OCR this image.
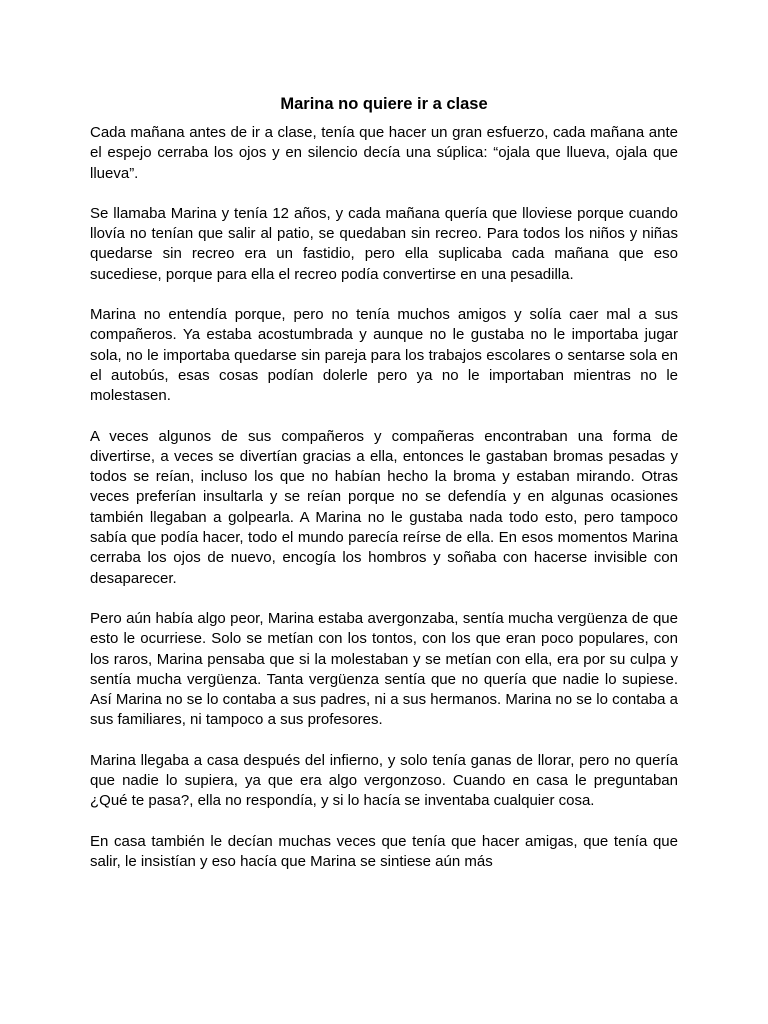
Marina no quiere ir a clase

Cada mañana antes de ir a clase, tenía que hacer un gran esfuerzo, cada mañana ante el espejo cerraba los ojos y en silencio decía una súplica: “ojala que llueva, ojala que llueva”.

Se llamaba Marina y tenía 12 años, y cada mañana quería que lloviese porque cuando llovía no tenían que salir al patio, se quedaban sin recreo. Para todos los niños y niñas quedarse sin recreo era un fastidio, pero ella suplicaba cada mañana que eso sucediese, porque para ella el recreo podía convertirse en una pesadilla.

Marina no entendía porque, pero no tenía muchos amigos y solía caer mal a sus compañeros. Ya estaba acostumbrada y aunque no le gustaba no le importaba jugar sola, no le importaba quedarse sin pareja para los trabajos escolares o sentarse sola en el autobús, esas cosas podían dolerle pero ya no le importaban mientras no le molestasen.

A veces algunos de sus compañeros y compañeras encontraban una forma de divertirse, a veces se divertían gracias a ella, entonces le gastaban bromas pesadas y todos se reían, incluso los que no habían hecho la broma y estaban mirando. Otras veces preferían insultarla y se reían porque no se defendía y en algunas ocasiones también llegaban a golpearla. A Marina no le gustaba nada todo esto, pero tampoco sabía que podía hacer, todo el mundo parecía reírse de ella. En esos momentos Marina cerraba los ojos de nuevo, encogía los hombros y soñaba con hacerse invisible con desaparecer.

Pero aún había algo peor, Marina estaba avergonzaba, sentía mucha vergüenza de que esto le ocurriese. Solo se metían con los tontos, con los que eran poco populares, con los raros, Marina pensaba que si la molestaban y se metían con ella, era por su culpa y sentía mucha vergüenza. Tanta vergüenza sentía que no quería que nadie lo supiese. Así Marina no se lo contaba a sus padres, ni a sus hermanos. Marina no se lo contaba a sus familiares, ni tampoco a sus profesores.

Marina llegaba a casa después del infierno, y solo tenía ganas de llorar, pero no quería que nadie lo supiera, ya que era algo vergonzoso. Cuando en casa le preguntaban ¿Qué te pasa?, ella no respondía, y si lo hacía se inventaba cualquier cosa.

En casa también le decían muchas veces que tenía que hacer amigas, que tenía que salir, le insistían y eso hacía que Marina se sintiese aún más
